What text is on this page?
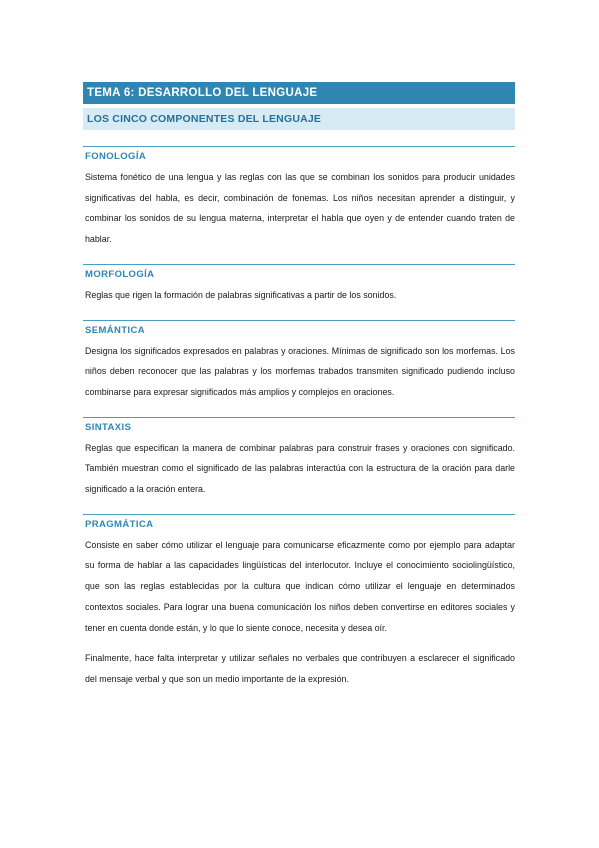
TEMA 6: DESARROLLO DEL LENGUAJE
LOS CINCO COMPONENTES DEL LENGUAJE
FONOLOGÍA

Sistema fonético de una lengua y las reglas con las que se combinan los sonidos para producir unidades significativas del habla, es decir, combinación de fonemas. Los niños necesitan aprender a distinguir, y combinar los sonidos de su lengua materna, interpretar el habla que oyen y de entender cuando traten de hablar.

MORFOLOGÍA

Reglas que rigen la formación de palabras significativas a partir de los sonidos.

SEMÁNTICA

Designa los significados expresados en palabras y oraciones. Mínimas de significado son los morfemas. Los niños deben reconocer que las palabras y los morfemas trabados transmiten significado pudiendo incluso combinarse para expresar significados más amplios y complejos en oraciones.

SINTAXIS

Reglas que especifican la manera de combinar palabras para construir frases y oraciones con significado. También muestran como el significado de las palabras interactúa con la estructura de la oración para darle significado a la oración entera.

PRAGMÁTICA

Consiste en saber cómo utilizar el lenguaje para comunicarse eficazmente como por ejemplo para adaptar su forma de hablar a las capacidades lingüísticas del interlocutor. Incluye el conocimiento sociolingüístico, que son las reglas establecidas por la cultura que indican cómo utilizar el lenguaje en determinados contextos sociales. Para lograr una buena comunicación los niños deben convertirse en editores sociales y tener en cuenta donde están, y lo que lo siente conoce, necesita y desea oír.

Finalmente, hace falta interpretar y utilizar señales no verbales que contribuyen a esclarecer el significado del mensaje verbal y que son un medio importante de la expresión.
